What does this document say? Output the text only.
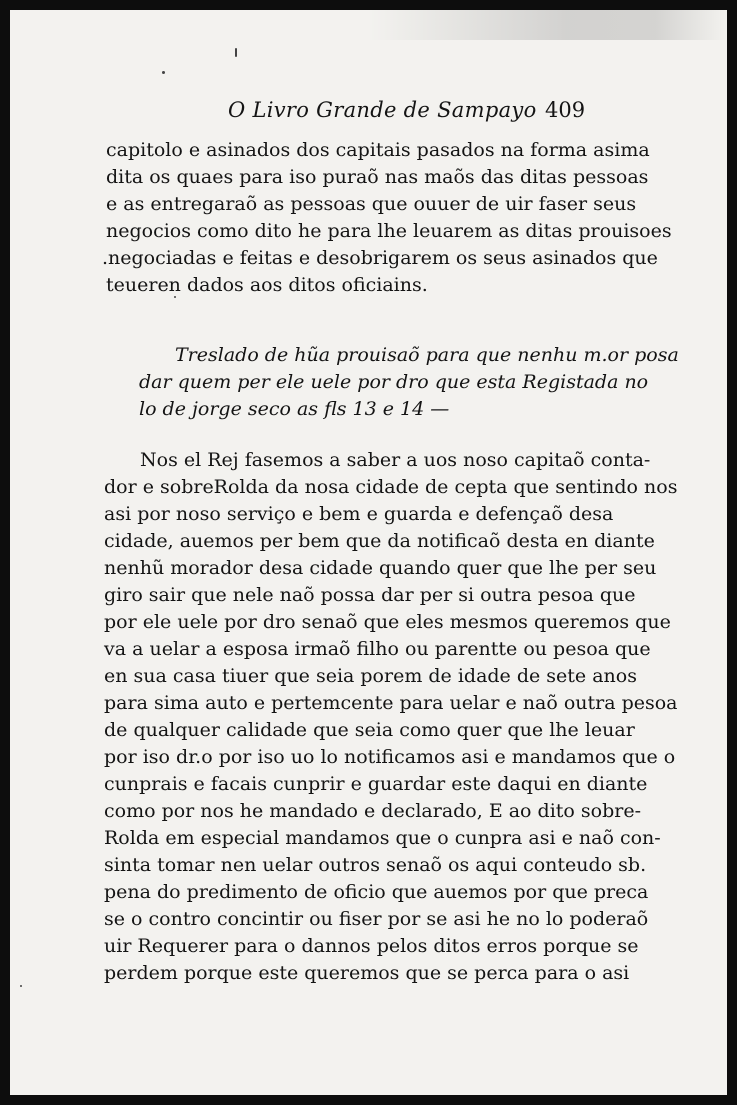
O Livro Grande de Sampayo 409
capitolo e asinados dos capitais pasados na forma asima
dita os quaes para iso puraõ nas maõs das ditas pessoas
e as entregaraõ as pessoas que ouuer de uir faser seus
negocios como dito he para lhe leuarem as ditas prouisoes
.negociadas e feitas e desobrigarem os seus asinados que
teueren dados aos ditos oficiains.
Treslado de hũa prouisaõ para que nenhu m.or posa
dar quem per ele uele por dro que esta Registada no
lo de jorge seco as fls 13 e 14 —
Nos el Rej fasemos a saber a uos noso capitaõ conta-
dor e sobreRolda da nosa cidade de cepta que sentindo nos
asi por noso serviço e bem e guarda e defençaõ desa
cidade, auemos per bem que da notificaõ desta en diante
nenhũ morador desa cidade quando quer que lhe per seu
giro sair que nele naõ possa dar per si outra pesoa que
por ele uele por dro senaõ que eles mesmos queremos que
va a uelar a esposa irmaõ filho ou parentte ou pesoa que
en sua casa tiuer que seia porem de idade de sete anos
para sima auto e pertemcente para uelar e naõ outra pesoa
de qualquer calidade que seia como quer que lhe leuar
por iso dr.o por iso uo lo notificamos asi e mandamos que o
cunprais e facais cunprir e guardar este daqui en diante
como por nos he mandado e declarado, E ao dito sobre-
Rolda em especial mandamos que o cunpra asi e naõ con-
sinta tomar nen uelar outros senaõ os aqui conteudo sb.
pena do predimento de oficio que auemos por que preca
se o contro concintir ou fiser por se asi he no lo poderaõ
uir Requerer para o dannos pelos ditos erros porque se
perdem porque este queremos que se perca para o asi
